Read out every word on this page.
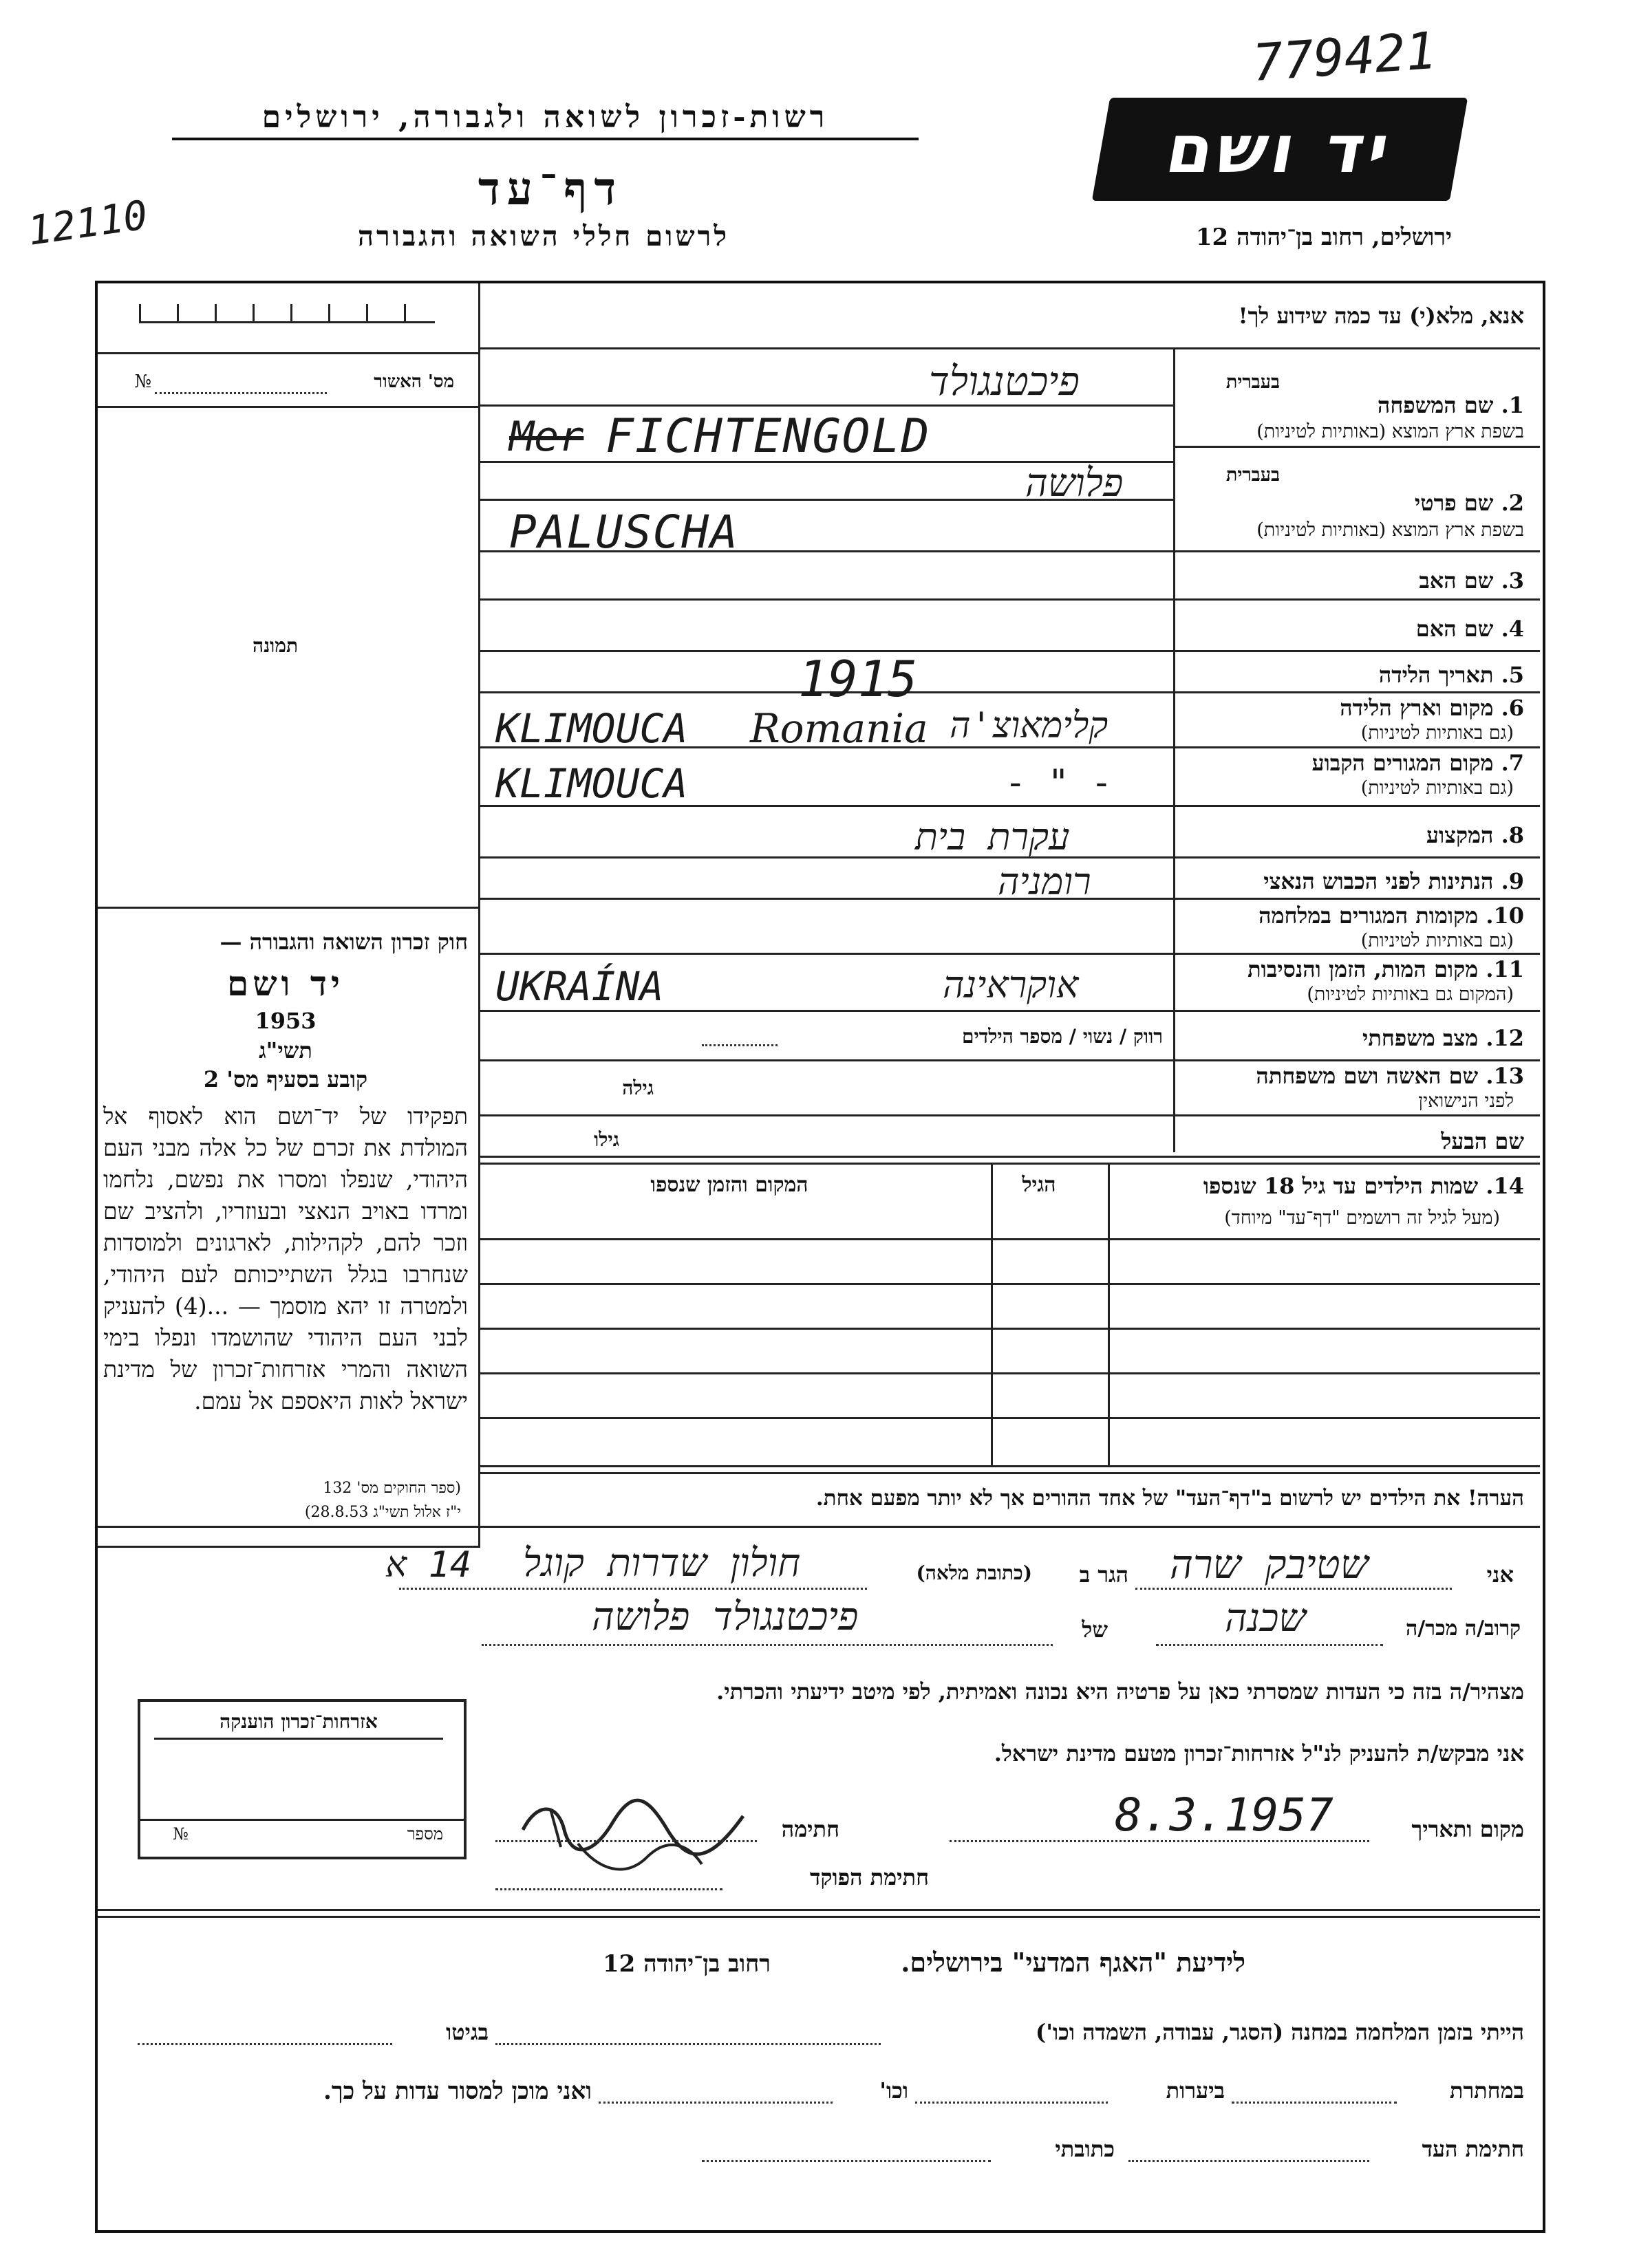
779421
12110
רשות-זכרון לשואה ולגבורה, ירושלים
דף־עד
לרשום חללי השואה והגבורה
יד ושם
ירושלים, רחוב בן־יהודה 12
אנא, מלא(י) עד כמה שידוע לך!
מס' האשור
№
תמונה
חוק זכרון השואה והגבורה —
יד ושם
1953
תשי"ג
קובע בסעיף מס' 2
תפקידו של יד־ושם הוא לאסוף אל המולדת את זכרם של כל אלה מבני העם היהודי, שנפלו ומסרו את נפשם, נלחמו ומרדו באויב הנאצי ובעוזריו, ולהציב שם וזכר להם, לקהילות, לארגונים ולמוסדות שנחרבו בגלל השתייכותם לעם היהודי, ולמטרה זו יהא מוסמך — ...(4) להעניק לבני העם היהודי שהושמדו ונפלו בימי השואה והמרי אזרחות־זכרון של מדינת ישראל לאות היאספם אל עמם.
(ספר החוקים מס' 132
י"ז אלול תשי"ג 28.8.53)
בעברית
1. שם המשפחה
בשפת ארץ המוצא (באותיות לטיניות)
בעברית
2. שם פרטי
בשפת ארץ המוצא (באותיות לטיניות)
3. שם האב
4. שם האם
5. תאריך הלידה
6. מקום וארץ הלידה
(גם באותיות לטיניות)
7. מקום המגורים הקבוע
(גם באותיות לטיניות)
8. המקצוע
9. הנתינות לפני הכבוש הנאצי
10. מקומות המגורים במלחמה
(גם באותיות לטיניות)
11. מקום המות, הזמן והנסיבות
(המקום גם באותיות לטיניות)
12. מצב משפחתי
רווק / נשוי / מספר הילדים
13. שם האשה ושם משפחתה
לפני הנישואין
גילה
שם הבעל
גילו
14. שמות הילדים עד גיל 18 שנספו
(מעל לגיל זה רושמים "דף־עד" מיוחד)
הגיל
המקום והזמן שנספו
הערה! את הילדים יש לרשום ב"דף־העד" של אחד ההורים אך לא יותר מפעם אחת.
פיכטנגולד
Mer FICHTENGOLD
פלושה
PALUSCHA
1915
KLIMOUCA Romania קלימאוצ'ה
KLIMOUCA	- " -
עקרת בית
רומניה
UKRAÍNA	אוקראינה
אני
שטיבק שרה
הגר ב
(כתובת מלאה)
חולון שדרות קוגל
14 א
קרוב/ה מכר/ה
שכנה
של
פיכטנגולד פלושה
מצהיר/ה בזה כי העדות שמסרתי כאן על פרטיה היא נכונה ואמיתית, לפי מיטב ידיעתי והכרתי.
אני מבקש/ת להעניק לנ"ל אזרחות־זכרון מטעם מדינת ישראל.
מקום ותאריך
8.3.1957
חתימה
חתימת הפוקד
אזרחות־זכרון הוענקה
מספר
№
לידיעת "האגף המדעי" בירושלים.
רחוב בן־יהודה 12
הייתי בזמן המלחמה במחנה (הסגר, עבודה, השמדה וכו')
בגיטו
במחתרת
ביערות
וכו'
ואני מוכן למסור עדות על כך.
חתימת העד
כתובתי
